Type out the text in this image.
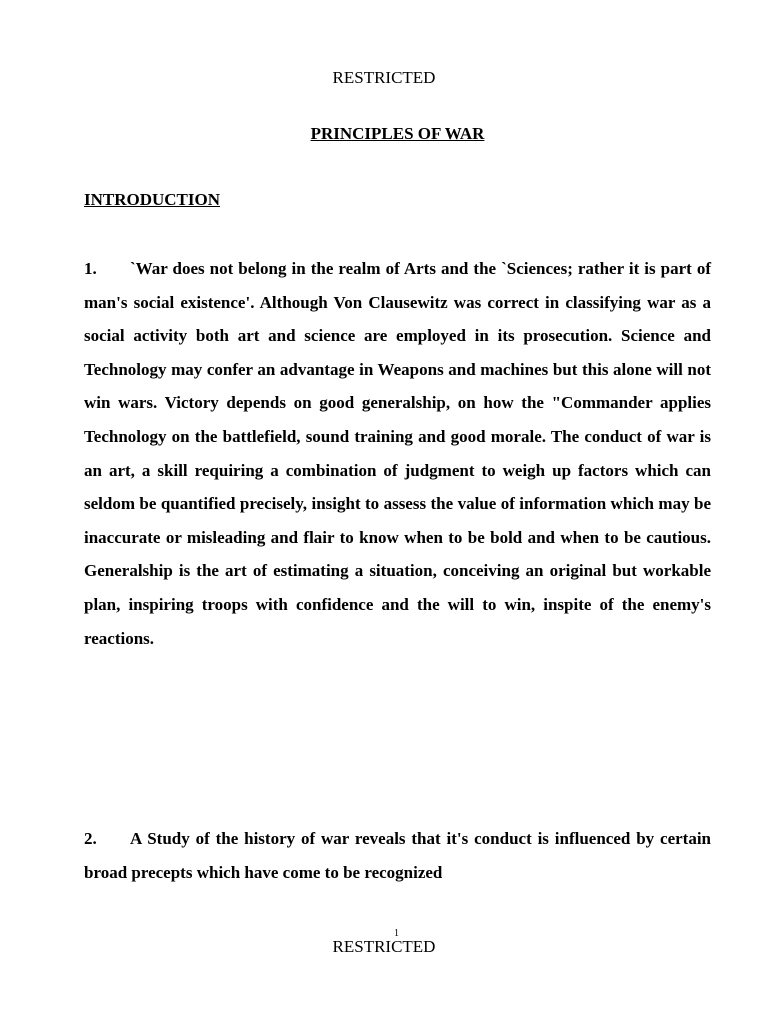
RESTRICTED

PRINCIPLES OF WAR

INTRODUCTION

1. `War does not belong in the realm of Arts and the `Sciences; rather it is part of man's social existence'. Although Von Clausewitz was correct in classifying war as a social activity both art and science are employed in its prosecution. Science and Technology may confer an advantage in Weapons and machines but this alone will not win wars. Victory depends on good generalship, on how the "Commander applies Technology on the battlefield, sound training and good morale. The conduct of war is an art, a skill requiring a combination of judgment to weigh up factors which can seldom be quantified precisely, insight to assess the value of information which may be inaccurate or misleading and flair to know when to be bold and when to be cautious. Generalship is the art of estimating a situation, conceiving an original but workable plan, inspiring troops with confidence and the will to win, inspite of the enemy's reactions.

2. A Study of the history of war reveals that it's conduct is influenced by certain broad precepts which have come to be recognized

1

RESTRICTED
